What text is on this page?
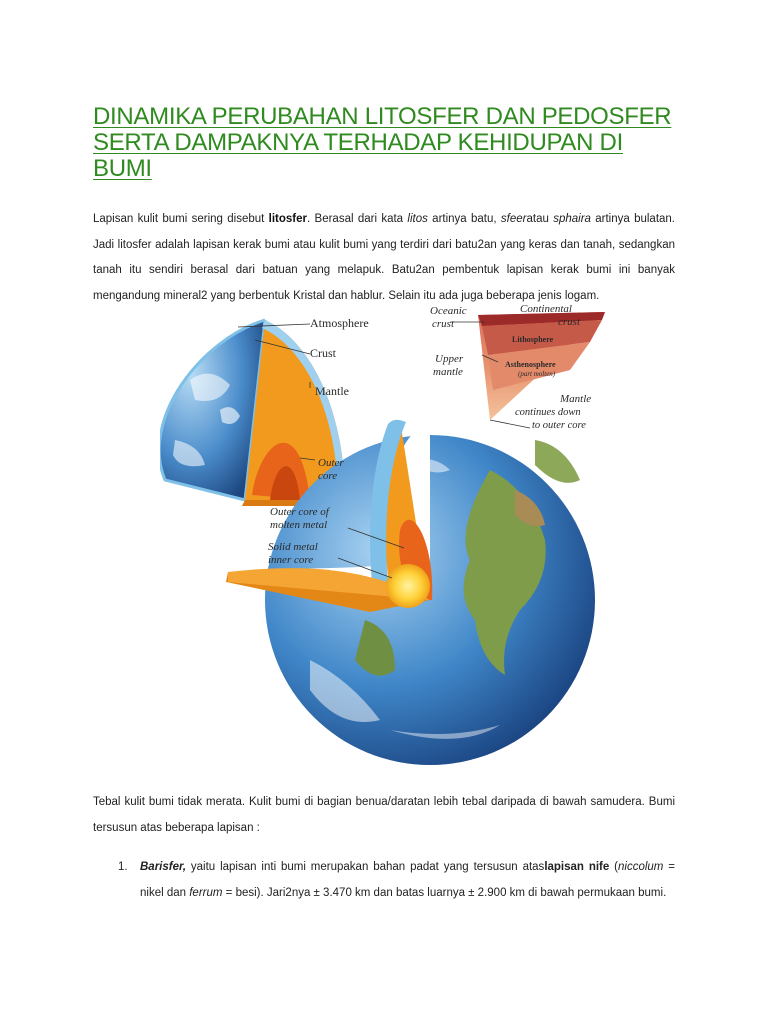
DINAMIKA PERUBAHAN LITOSFER DAN PEDOSFER SERTA DAMPAKNYA TERHADAP KEHIDUPAN DI BUMI

Lapisan kulit bumi sering disebut litosfer. Berasal dari kata litos artinya batu, sfeeratau sphaira artinya bulatan. Jadi litosfer adalah lapisan kerak bumi atau kulit bumi yang terdiri dari batu2an yang keras dan tanah, sedangkan tanah itu sendiri berasal dari batuan yang melapuk. Batu2an pembentuk lapisan kerak bumi ini banyak mengandung mineral2 yang berbentuk Kristal dan hablur. Selain itu ada juga beberapa jenis logam.

Atmosphere
Crust
Mantle
Outer
core
Outer core of
molten metal
Solid metal
inner core
Oceanic
crust
Continental
crust
Lithosphere
Asthenosphere
(part molten)
Upper
mantle
Mantle
continues down
to outer core

Tebal kulit bumi tidak merata. Kulit bumi di bagian benua/daratan lebih tebal daripada di bawah samudera. Bumi tersusun atas beberapa lapisan :

1. Barisfer, yaitu lapisan inti bumi merupakan bahan padat yang tersusun ataslapisan nife (niccolum = nikel dan ferrum = besi). Jari2nya ± 3.470 km dan batas luarnya ± 2.900 km di bawah permukaan bumi.
